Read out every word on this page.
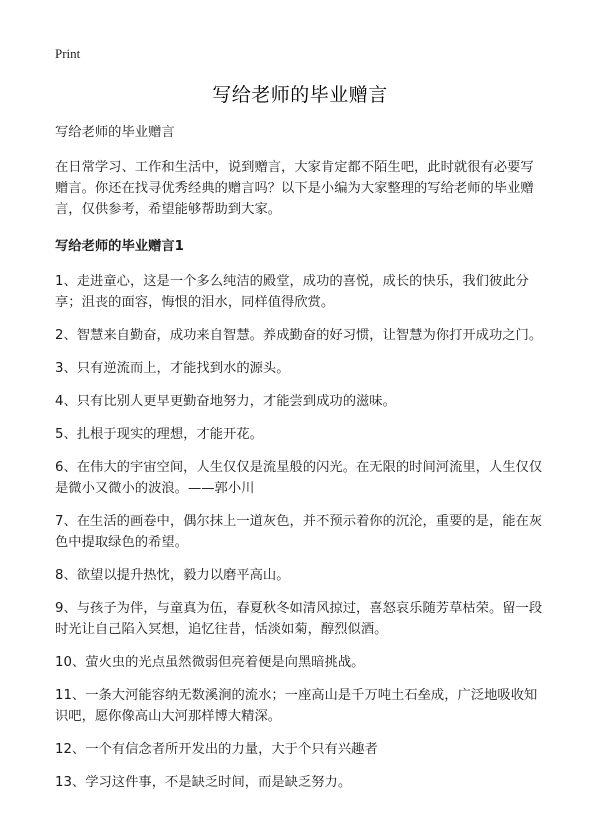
Print
写给老师的毕业赠言

写给老师的毕业赠言

在日常学习、工作和生活中，说到赠言，大家肯定都不陌生吧，此时就很有必要写赠言。你还在找寻优秀经典的赠言吗？以下是小编为大家整理的写给老师的毕业赠言，仅供参考，希望能够帮助到大家。

写给老师的毕业赠言1

1、走进童心，这是一个多么纯洁的殿堂，成功的喜悦，成长的快乐，我们彼此分享；沮丧的面容，悔恨的泪水，同样值得欣赏。

2、智慧来自勤奋，成功来自智慧。养成勤奋的好习惯，让智慧为你打开成功之门。

3、只有逆流而上，才能找到水的源头。

4、只有比别人更早更勤奋地努力，才能尝到成功的滋味。

5、扎根于现实的理想，才能开花。

6、在伟大的宇宙空间，人生仅仅是流星般的闪光。在无限的时间河流里，人生仅仅是微小又微小的波浪。——郭小川

7、在生活的画卷中，偶尔抹上一道灰色，并不预示着你的沉沦，重要的是，能在灰色中提取绿色的希望。

8、欲望以提升热忱，毅力以磨平高山。

9、与孩子为伴，与童真为伍，春夏秋冬如清风掠过，喜怒哀乐随芳草枯荣。留一段时光让自己陷入冥想，追忆往昔，恬淡如菊，醇烈似酒。

10、萤火虫的光点虽然微弱但亮着便是向黑暗挑战。

11、一条大河能容纳无数溪涧的流水；一座高山是千万吨土石垒成，广泛地吸收知识吧，愿你像高山大河那样博大精深。

12、一个有信念者所开发出的力量，大于个只有兴趣者

13、学习这件事，不是缺乏时间，而是缺乏努力。
